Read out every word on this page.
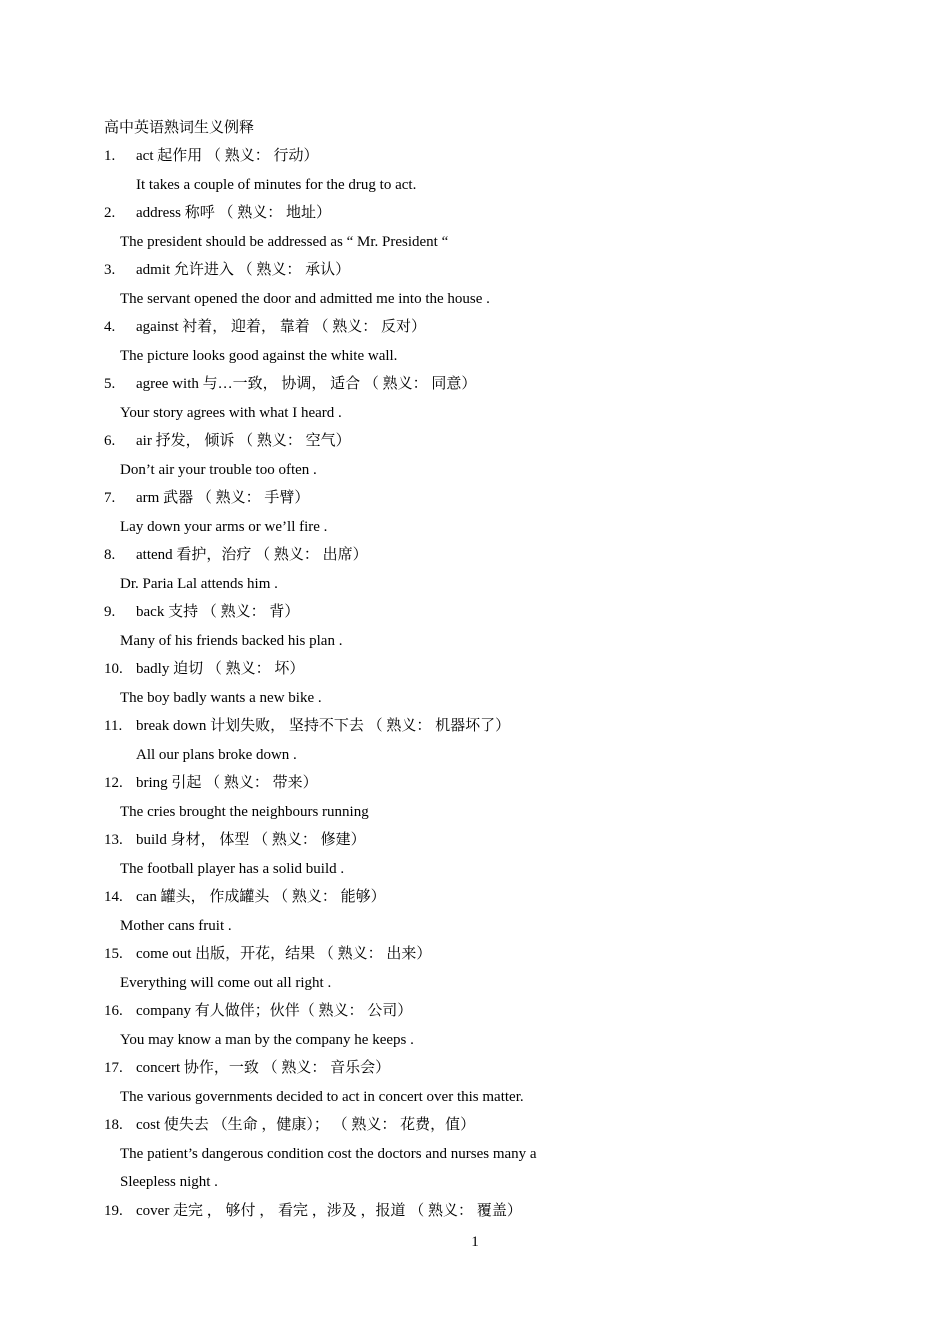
高中英语熟词生义例释
1. act 起作用 （ 熟义： 行动）
It takes a couple of minutes for the drug to act.
2. address 称呼 （ 熟义： 地址）
The president should be addressed as “ Mr. President “
3. admit 允许进入 （ 熟义： 承认）
The servant opened the door and admitted me into the house .
4. against 衬着， 迎着， 靠着 （ 熟义： 反对）
The picture looks good against the white wall.
5. agree with 与…一致， 协调， 适合 （ 熟义： 同意）
Your story agrees with what I heard .
6. air 抒发， 倾诉 （ 熟义： 空气）
Don’t air your trouble too often .
7. arm 武器 （ 熟义： 手臂）
Lay down your arms or we’ll fire .
8. attend 看护，治疗 （ 熟义： 出席）
Dr. Paria Lal attends him .
9. back 支持 （ 熟义： 背）
Many of his friends backed his plan .
10. badly 迫切 （ 熟义： 坏）
The boy badly wants a new bike .
11. break down 计划失败， 坚持不下去 （ 熟义： 机器坏了）
All our plans broke down .
12. bring 引起 （ 熟义： 带来）
The cries brought the neighbours running
13. build 身材， 体型 （ 熟义： 修建）
The football player has a solid build .
14. can 罐头， 作成罐头 （ 熟义： 能够）
Mother cans fruit .
15. come out 出版，开花，结果 （ 熟义： 出来）
Everything will come out all right .
16. company 有人做伴；伙伴（ 熟义： 公司）
You may know a man by the company he keeps .
17. concert 协作，一致 （ 熟义： 音乐会）
The various governments decided to act in concert over this matter.
18. cost 使失去 （生命 ，健康）； （ 熟义： 花费，值）
The patient’s dangerous condition cost the doctors and nurses many a
Sleepless night .
19. cover 走完 ， 够付 ， 看完 ，涉及 ，报道 （ 熟义： 覆盖）
1
